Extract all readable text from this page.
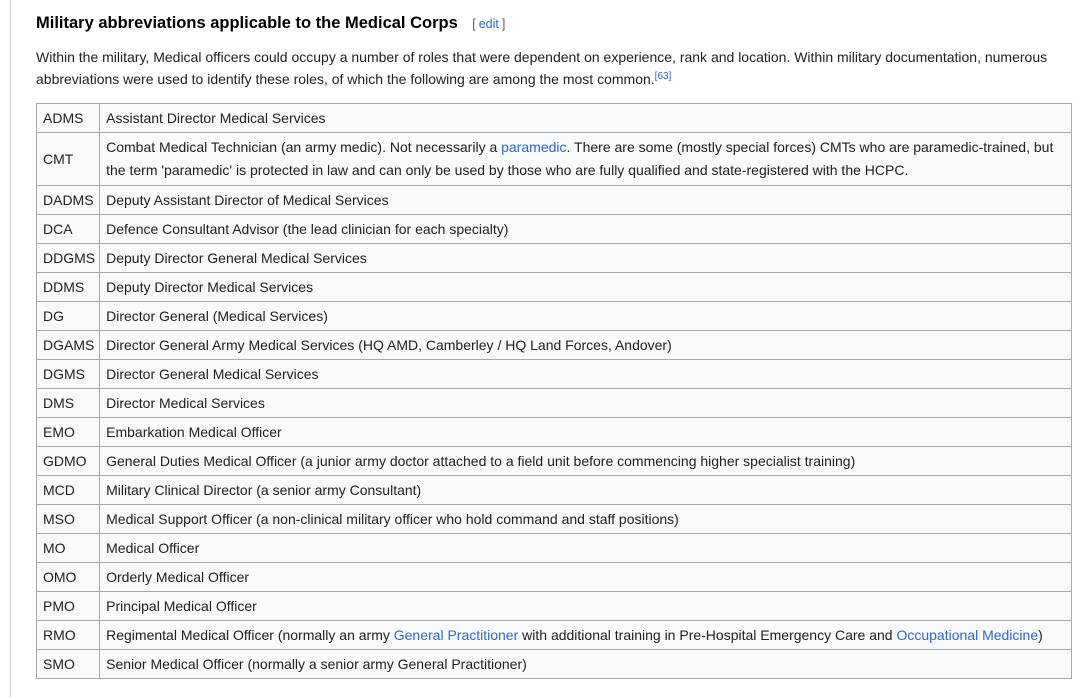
Military abbreviations applicable to the Medical Corps [ edit ]

Within the military, Medical officers could occupy a number of roles that were dependent on experience, rank and location. Within military documentation, numerous abbreviations were used to identify these roles, of which the following are among the most common.[63]

ADMS	Assistant Director Medical Services
CMT	Combat Medical Technician (an army medic). Not necessarily a paramedic. There are some (mostly special forces) CMTs who are paramedic-trained, but the term 'paramedic' is protected in law and can only be used by those who are fully qualified and state-registered with the HCPC.
DADMS	Deputy Assistant Director of Medical Services
DCA	Defence Consultant Advisor (the lead clinician for each specialty)
DDGMS	Deputy Director General Medical Services
DDMS	Deputy Director Medical Services
DG	Director General (Medical Services)
DGAMS	Director General Army Medical Services (HQ AMD, Camberley / HQ Land Forces, Andover)
DGMS	Director General Medical Services
DMS	Director Medical Services
EMO	Embarkation Medical Officer
GDMO	General Duties Medical Officer (a junior army doctor attached to a field unit before commencing higher specialist training)
MCD	Military Clinical Director (a senior army Consultant)
MSO	Medical Support Officer (a non-clinical military officer who hold command and staff positions)
MO	Medical Officer
OMO	Orderly Medical Officer
PMO	Principal Medical Officer
RMO	Regimental Medical Officer (normally an army General Practitioner with additional training in Pre-Hospital Emergency Care and Occupational Medicine)
SMO	Senior Medical Officer (normally a senior army General Practitioner)
